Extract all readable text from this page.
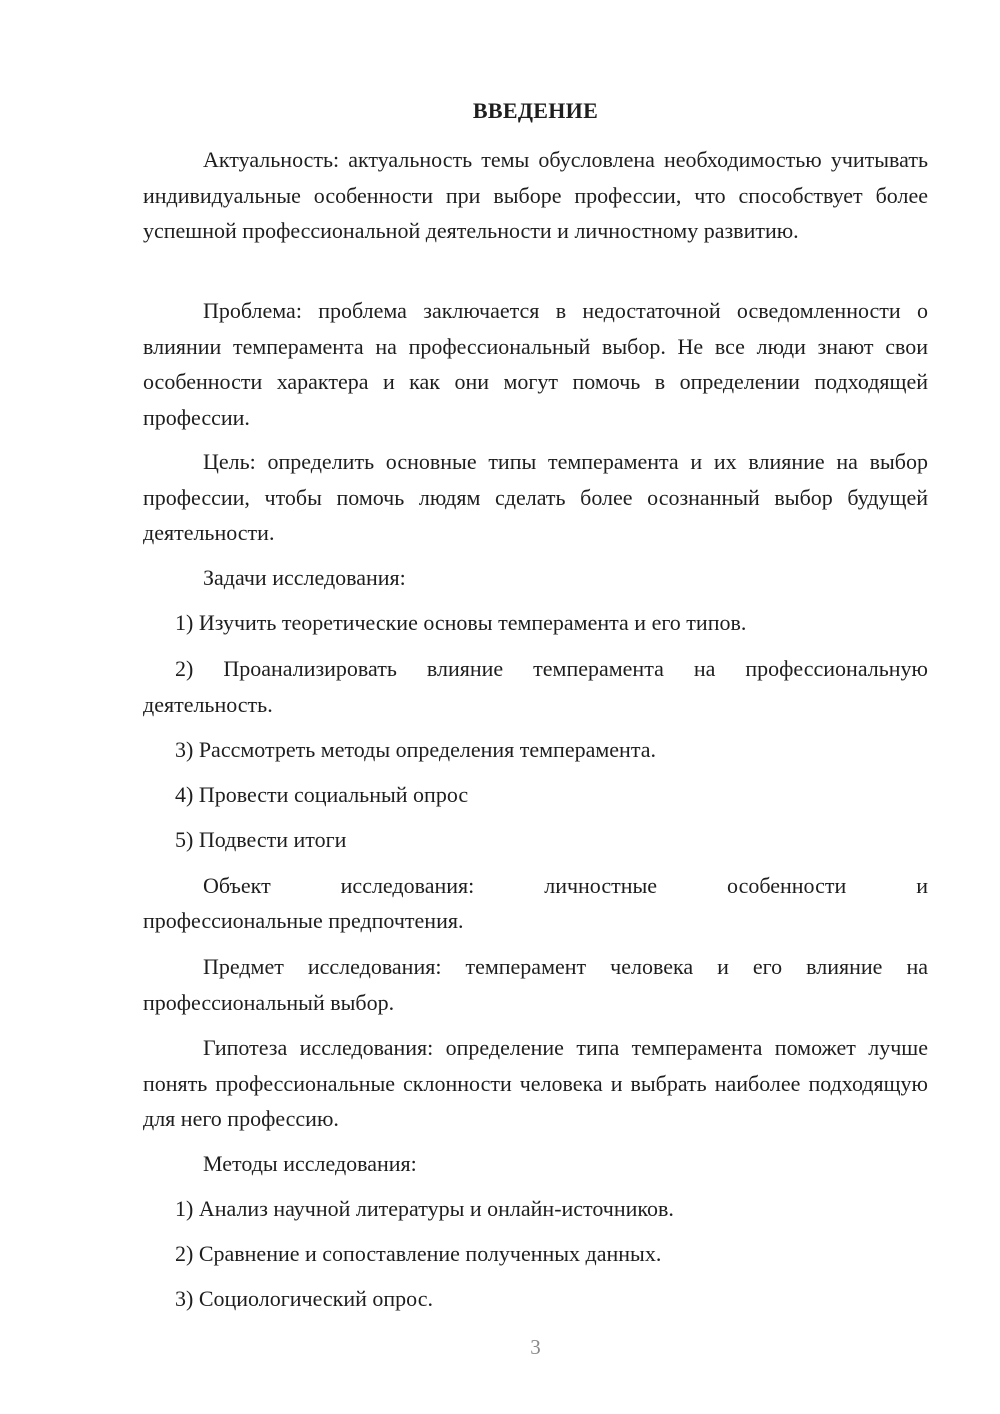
ВВЕДЕНИЕ

Актуальность: актуальность темы обусловлена необходимостью учитывать индивидуальные особенности при выборе профессии, что способствует более успешной профессиональной деятельности и личностному развитию.

Проблема: проблема заключается в недостаточной осведомленности о влиянии темперамента на профессиональный выбор. Не все люди знают свои особенности характера и как они могут помочь в определении подходящей профессии.

Цель: определить основные типы темперамента и их влияние на выбор профессии, чтобы помочь людям сделать более осознанный выбор будущей деятельности.

Задачи исследования:

1) Изучить теоретические основы темперамента и его типов.

2) Проанализировать влияние темперамента на профессиональную деятельность.

3) Рассмотреть методы определения темперамента.

4) Провести социальный опрос

5) Подвести итоги

Объект исследования: личностные особенности и

профессиональные предпочтения.

Предмет исследования: темперамент человека и его влияние на профессиональный выбор.

Гипотеза исследования: определение типа темперамента поможет лучше понять профессиональные склонности человека и выбрать наиболее подходящую для него профессию.

Методы исследования:

1) Анализ научной литературы и онлайн-источников.

2) Сравнение и сопоставление полученных данных.

3) Социологический опрос.

3
